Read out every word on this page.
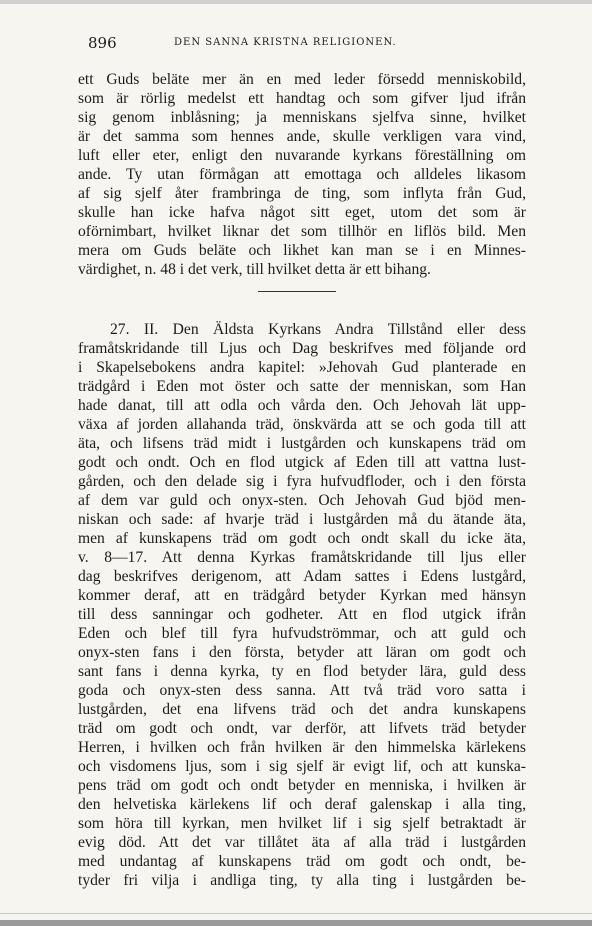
896	DEN SANNA KRISTNA RELIGIONEN.
ett Guds beläte mer än en med leder försedd menniskobild,
som är rörlig medelst ett handtag och som gifver ljud ifrån
sig genom inblåsning; ja menniskans sjelfva sinne, hvilket
är det samma som hennes ande, skulle verkligen vara vind,
luft eller eter, enligt den nuvarande kyrkans föreställning om
ande. Ty utan förmågan att emottaga och alldeles likasom
af sig sjelf åter frambringa de ting, som inflyta från Gud,
skulle han icke hafva något sitt eget, utom det som är
oförnimbart, hvilket liknar det som tillhör en liflös bild. Men
mera om Guds beläte och likhet kan man se i en Minnes-
värdighet, n. 48 i det verk, till hvilket detta är ett bihang.
27. II. Den Äldsta Kyrkans Andra Tillstånd eller dess
framåtskridande till Ljus och Dag beskrifves med följande ord
i Skapelsebokens andra kapitel: »Jehovah Gud planterade en
trädgård i Eden mot öster och satte der menniskan, som Han
hade danat, till att odla och vårda den. Och Jehovah lät upp-
växa af jorden allahanda träd, önskvärda att se och goda till att
äta, och lifsens träd midt i lustgården och kunskapens träd om
godt och ondt. Och en flod utgick af Eden till att vattna lust-
gården, och den delade sig i fyra hufvudfloder, och i den första
af dem var guld och onyx-sten. Och Jehovah Gud bjöd men-
niskan och sade: af hvarje träd i lustgården må du ätande äta,
men af kunskapens träd om godt och ondt skall du icke äta,
v. 8—17. Att denna Kyrkas framåtskridande till ljus eller
dag beskrifves derigenom, att Adam sattes i Edens lustgård,
kommer deraf, att en trädgård betyder Kyrkan med hänsyn
till dess sanningar och godheter. Att en flod utgick ifrån
Eden och blef till fyra hufvudströmmar, och att guld och
onyx-sten fans i den första, betyder att läran om godt och
sant fans i denna kyrka, ty en flod betyder lära, guld dess
goda och onyx-sten dess sanna. Att två träd voro satta i
lustgården, det ena lifvens träd och det andra kunskapens
träd om godt och ondt, var derför, att lifvets träd betyder
Herren, i hvilken och från hvilken är den himmelska kärlekens
och visdomens ljus, som i sig sjelf är evigt lif, och att kunska-
pens träd om godt och ondt betyder en menniska, i hvilken är
den helvetiska kärlekens lif och deraf galenskap i alla ting,
som höra till kyrkan, men hvilket lif i sig sjelf betraktadt är
evig död. Att det var tillåtet äta af alla träd i lustgården
med undantag af kunskapens träd om godt och ondt, be-
tyder fri vilja i andliga ting, ty alla ting i lustgården be-
